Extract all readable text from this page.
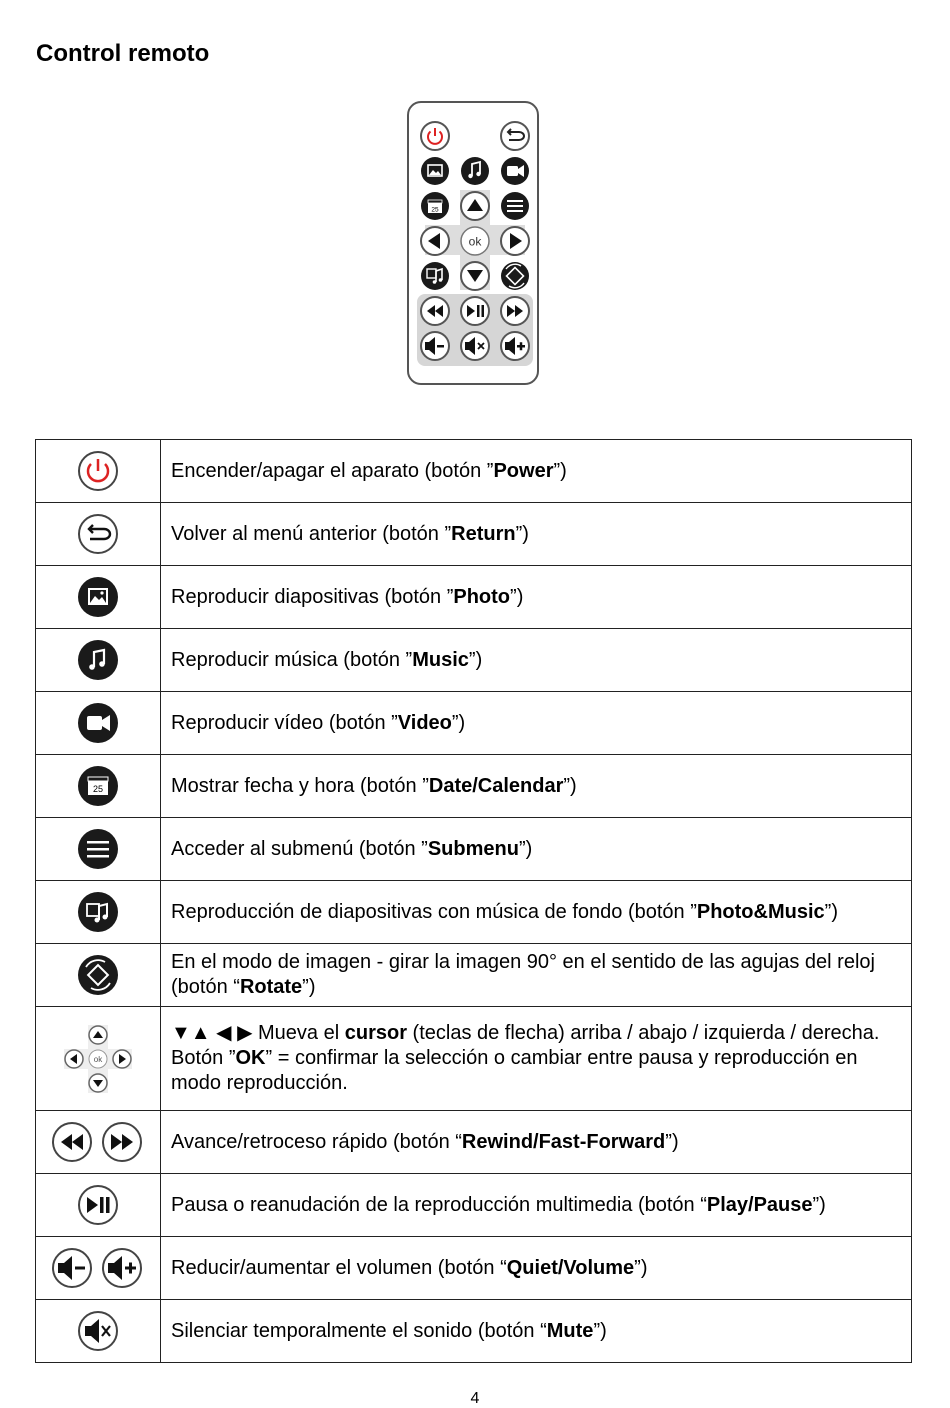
Control remoto
25
ok
	Encender/apagar el aparato (botón ”Power”)
	Volver al menú anterior (botón ”Return”)
	Reproducir diapositivas (botón ”Photo”)
	Reproducir música (botón ”Music”)
	Reproducir vídeo (botón ”Video”)

25	Mostrar fecha y hora (botón ”Date/Calendar”)
	Acceder al submenú (botón ”Submenu”)
	Reproducción de diapositivas con música de fondo (botón ”Photo&Music”)
	En el modo de imagen - girar la imagen 90° en el sentido de las agujas del reloj (botón “Rotate”)

ok	▼▲ ◀ ▶ Mueva el cursor (teclas de flecha) arriba / abajo / izquierda / derecha. Botón ”OK” = confirmar la selección o cambiar entre pausa y reproducción en modo reproducción.
	Avance/retroceso rápido (botón “Rewind/Fast-Forward”)
	Pausa o reanudación de la reproducción multimedia (botón “Play/Pause”)
	Reducir/aumentar el volumen (botón “Quiet/Volume”)
	Silenciar temporalmente el sonido (botón “Mute”)
4
